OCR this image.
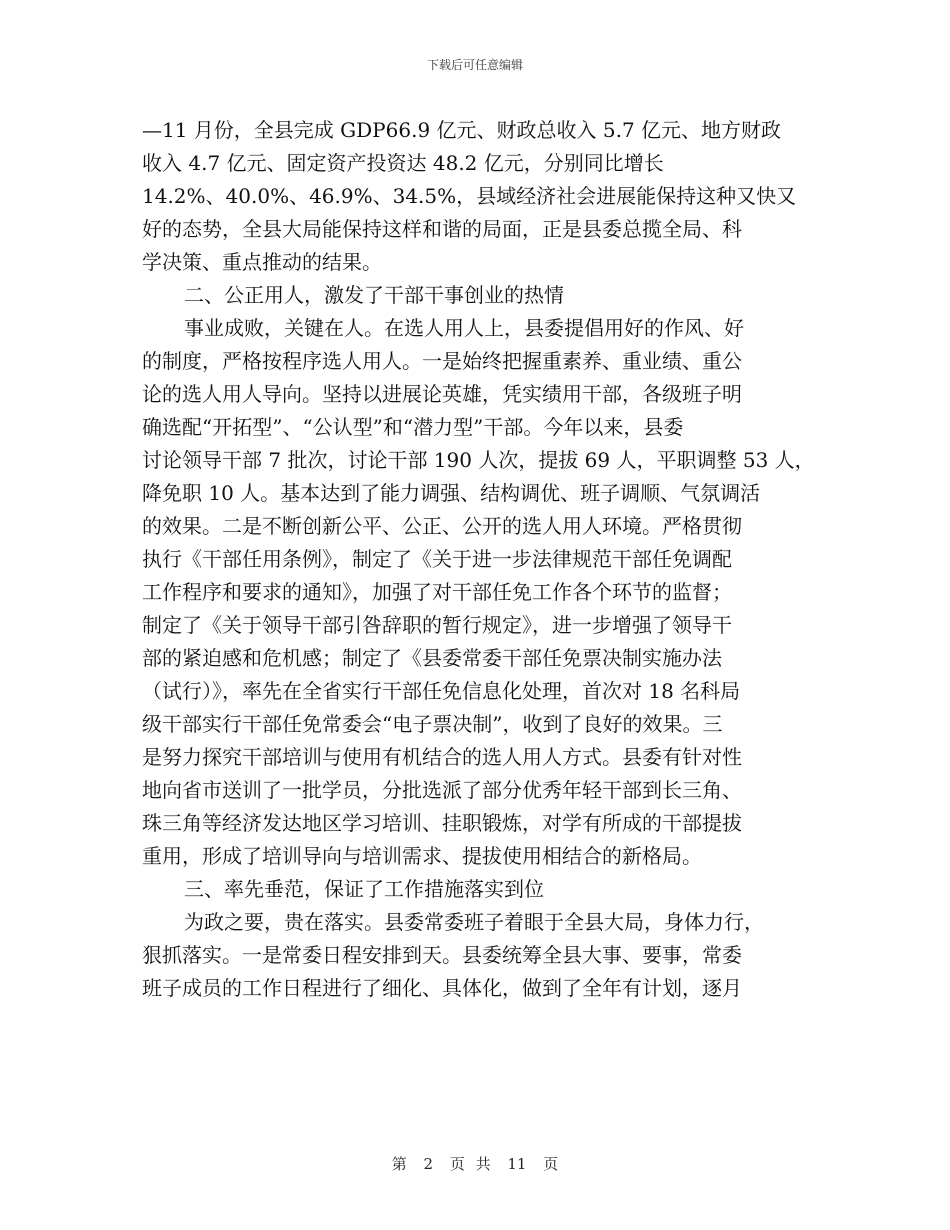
下载后可任意编辑
—11 月份，全县完成 GDP66.9 亿元、财政总收入 5.7 亿元、地方财政
收入 4.7 亿元、固定资产投资达 48.2 亿元，分别同比增长
14.2%、40.0%、46.9%、34.5%，县域经济社会进展能保持这种又快又
好的态势，全县大局能保持这样和谐的局面，正是县委总揽全局、科
学决策、重点推动的结果。
二、公正用人，激发了干部干事创业的热情
事业成败，关键在人。在选人用人上，县委提倡用好的作风、好
的制度，严格按程序选人用人。一是始终把握重素养、重业绩、重公
论的选人用人导向。坚持以进展论英雄，凭实绩用干部，各级班子明
确选配“开拓型”、“公认型”和“潜力型”干部。今年以来，县委
讨论领导干部 7 批次，讨论干部 190 人次，提拔 69 人，平职调整 53 人，
降免职 10 人。基本达到了能力调强、结构调优、班子调顺、气氛调活
的效果。二是不断创新公平、公正、公开的选人用人环境。严格贯彻
执行《干部任用条例》，制定了《关于进一步法律规范干部任免调配
工作程序和要求的通知》，加强了对干部任免工作各个环节的监督；
制定了《关于领导干部引咎辞职的暂行规定》，进一步增强了领导干
部的紧迫感和危机感；制定了《县委常委干部任免票决制实施办法
（试行）》，率先在全省实行干部任免信息化处理，首次对 18 名科局
级干部实行干部任免常委会“电子票决制”，收到了良好的效果。三
是努力探究干部培训与使用有机结合的选人用人方式。县委有针对性
地向省市送训了一批学员，分批选派了部分优秀年轻干部到长三角、
珠三角等经济发达地区学习培训、挂职锻炼，对学有所成的干部提拔
重用，形成了培训导向与培训需求、提拔使用相结合的新格局。
三、率先垂范，保证了工作措施落实到位
为政之要，贵在落实。县委常委班子着眼于全县大局，身体力行，
狠抓落实。一是常委日程安排到天。县委统筹全县大事、要事，常委
班子成员的工作日程进行了细化、具体化，做到了全年有计划，逐月
第 2 页 共 11 页
